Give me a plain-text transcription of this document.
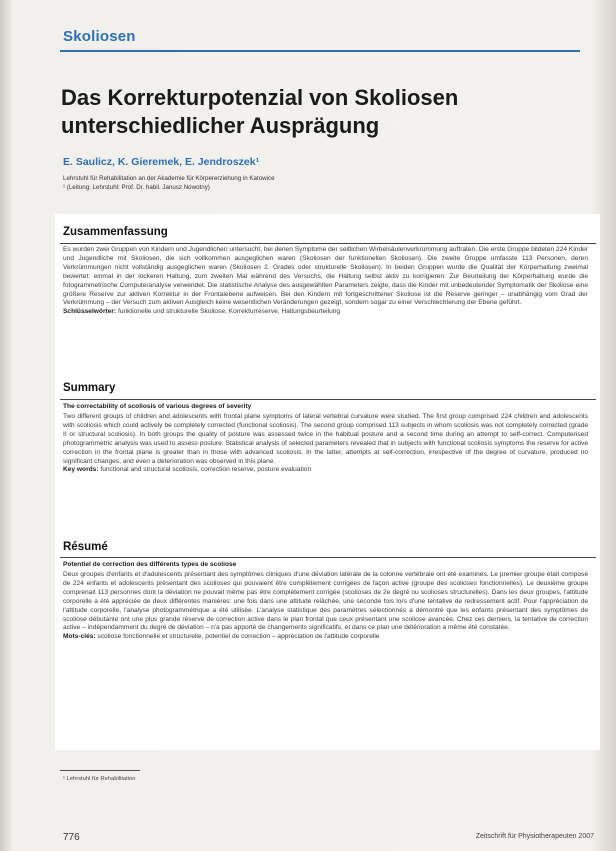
Skoliosen
Das Korrekturpotenzial von Skoliosen unterschiedlicher Ausprägung
E. Saulicz, K. Gieremek, E. Jendroszek¹
Lehrstuhl für Rehabilitation an der Akademie für Körpererziehung in Katowice
¹ (Leitung: Lehrstuhl: Prof. Dr. habil. Janusz Nowotny)
Zusammenfassung
Es wurden zwei Gruppen von Kindern und Jugendlichen untersucht, bei denen Symptome der seitlichen Wirbelsäulenverkrümmung auftraten. Die erste Gruppe bildeten 224 Kinder und Jugendliche mit Skoliosen, die sich vollkommen ausgeglichen waren (Skoliosen der funktionellen Skoliosen). Die zweite Gruppe umfasste 113 Personen, deren Verkrümmungen nicht vollständig ausgeglichen waren (Skoliosen 2. Grades oder strukturelle Skoliosen). In beiden Gruppen wurde die Qualität der Körperhaltung zweimal bewertet: einmal in der lockeren Haltung, zum zweiten Mal während des Versuchs, die Haltung selbst aktiv zu korrigieren. Zur Beurteilung der Körperhaltung wurde die fotogrammetrische Computeranalyse verwendet. Die statistische Analyse des ausgewählten Parameters zeigte, dass die Kinder mit unbedeutender Symptomatik der Skoliose eine größere Reserve zur aktiven Korrektur in der Frontalebene aufweisen. Bei den Kindern mit fortgeschrittener Skoliose ist die Reserve geringer – unabhängig vom Grad der Verkrümmung – der Versuch zum aktiven Ausgleich keine wesentlichen Veränderungen gezeigt, sondern sogar zu einer Verschlechterung der Ebene geführt.
Schlüsselwörter: funktionelle und strukturelle Skoliose, Korrekturreserve, Haltungsbeurteilung
Summary
The correctability of scoliosis of various degrees of severity
Two different groups of children and adolescents with frontal plane symptoms of lateral vertebral curvature were studied. The first group comprised 224 children and adolescents with scoliosis which could actively be completely corrected (functional scoliosis). The second group comprised 113 subjects in whom scoliosis was not completely corrected (grade II or structural scoliosis). In both groups the quality of posture was assessed twice in the habitual posture and a second time during an attempt to self-correct. Computerised photogrammetric analysis was used to assess posture. Statistical analysis of selected parameters revealed that in subjects with functional scoliosis symptoms the reserve for active correction in the frontal plane is greater than in those with advanced scoliosis. In the latter, attempts at self-correction, irrespective of the degree of curvature, produced no significant changes, and even a deterioration was observed in this plane.
Key words: functional and structural scoliosis, correction reserve, posture evaluation
Résumé
Potentiel de correction des différents types de scoliose
Deux groupes d'enfants et d'adolescents présentant des symptômes cliniques d'une déviation latérale de la colonne vertébrale ont été examinés. Le premier groupe était composé de 224 enfants et adolescents présentant des scolioses qui pouvaient être complètement corrigées de façon active (groupe des scolioses fonctionnelles). Le deuxième groupe comprenait 113 personnes dont la déviation ne pouvait même pas être complètement corrigée (scolioses de 2e degré ou scolioses structurelles). Dans les deux groupes, l'attitude corporelle a été appréciée de deux différentes manières: une fois dans une attitude relâchée, une seconde fois lors d'une tentative de redressement actif. Pour l'appréciation de l'attitude corporelle, l'analyse photogrammétrique a été utilisée. L'analyse statistique des paramètres sélectionnés a démontré que les enfants présentant des symptômes de scoliose débutante ont une plus grande réserve de correction active dans le plan frontal que ceux présentant une scoliose avancée. Chez ces derniers, la tentative de correction active – indépendamment du degré de déviation – n'a pas apporté de changements significatifs, et dans ce plan une détérioration a même été constatée.
Mots-clés: scoliose fonctionnelle et structurelle, potentiel de correction – appréciation de l'attitude corporelle
¹ Lehrstuhl für Rehabilitation
776	Zeitschrift für Physiotherapeuten 2007
